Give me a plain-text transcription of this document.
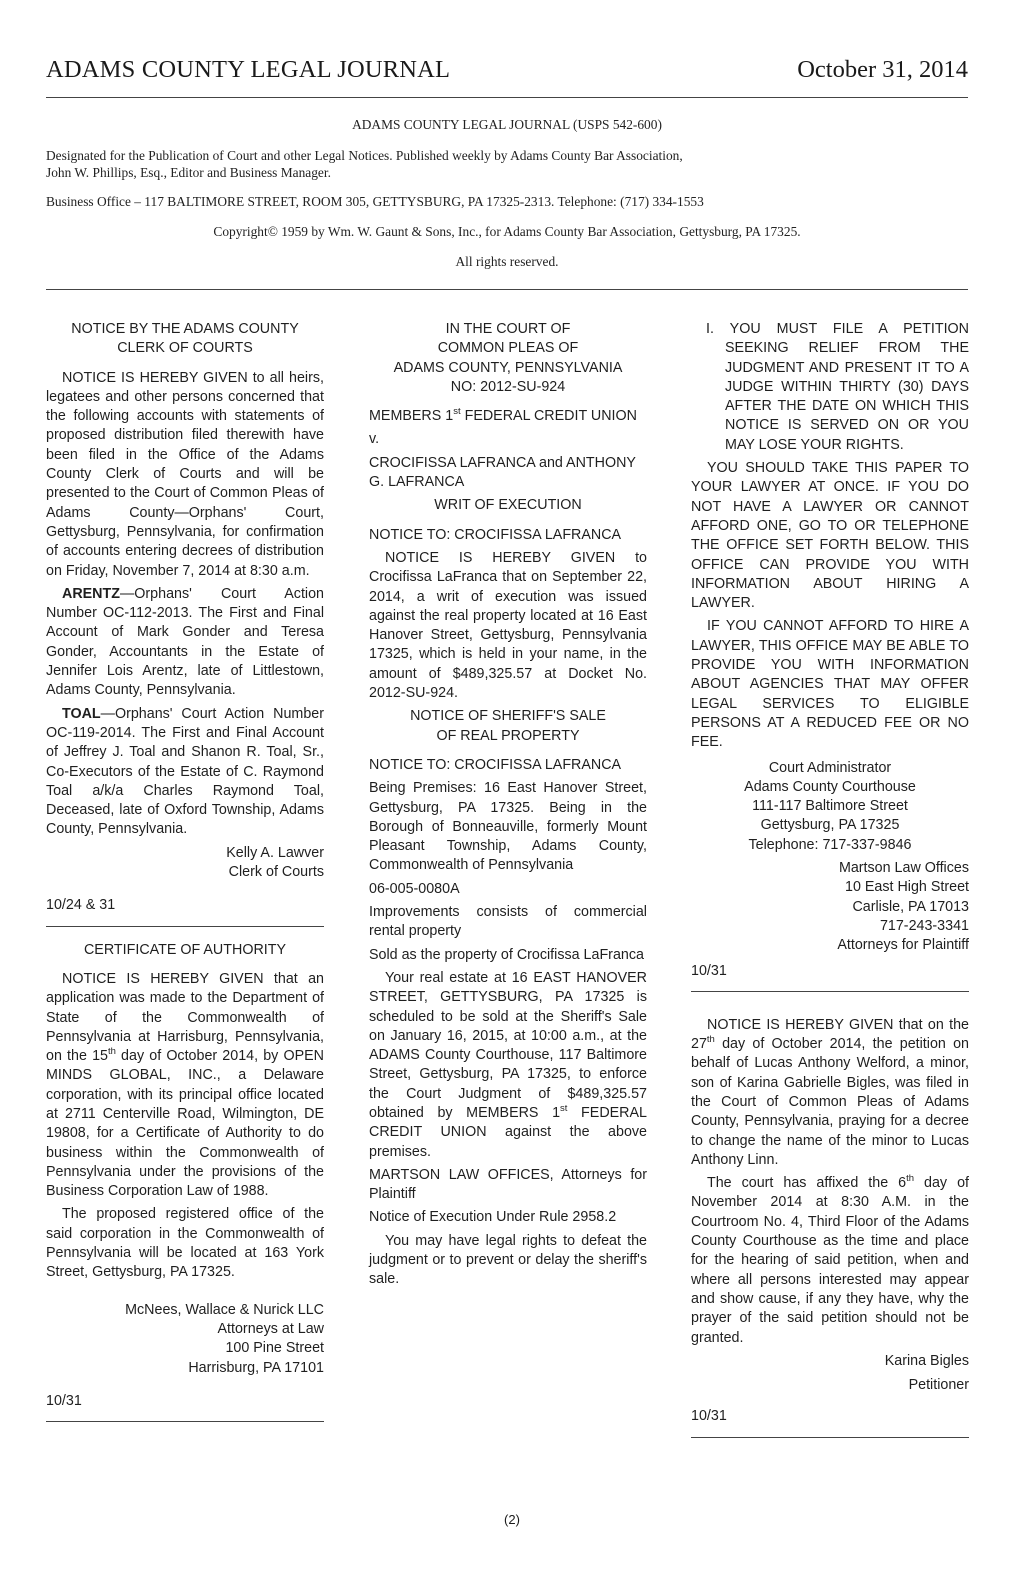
ADAMS COUNTY LEGAL JOURNAL	October 31, 2014

ADAMS COUNTY LEGAL JOURNAL (USPS 542-600)

Designated for the Publication of Court and other Legal Notices. Published weekly by Adams County Bar Association,

John W. Phillips, Esq., Editor and Business Manager.

Business Office – 117 BALTIMORE STREET, ROOM 305, GETTYSBURG, PA 17325-2313. Telephone: (717) 334-1553

Copyright© 1959 by Wm. W. Gaunt & Sons, Inc., for Adams County Bar Association, Gettysburg, PA 17325.

All rights reserved.

NOTICE BY THE ADAMS COUNTY

CLERK OF COURTS

NOTICE IS HEREBY GIVEN to all heirs, legatees and other persons concerned that the following accounts with statements of proposed distribution filed therewith have been filed in the Office of the Adams County Clerk of Courts and will be presented to the Court of Common Pleas of Adams County—Orphans' Court, Gettysburg, Pennsylvania, for confirmation of accounts entering decrees of distribution on Friday, November 7, 2014 at 8:30 a.m.

ARENTZ—Orphans' Court Action Number OC-112-2013. The First and Final Account of Mark Gonder and Teresa Gonder, Accountants in the Estate of Jennifer Lois Arentz, late of Littlestown, Adams County, Pennsylvania.

TOAL—Orphans' Court Action Number OC-119-2014. The First and Final Account of Jeffrey J. Toal and Shanon R. Toal, Sr., Co-Executors of the Estate of C. Raymond Toal a/k/a Charles Raymond Toal, Deceased, late of Oxford Township, Adams County, Pennsylvania.

Kelly A. Lawver

Clerk of Courts

10/24 & 31

CERTIFICATE OF AUTHORITY

NOTICE IS HEREBY GIVEN that an application was made to the Department of State of the Commonwealth of Pennsylvania at Harrisburg, Pennsylvania, on the 15th day of October 2014, by OPEN MINDS GLOBAL, INC., a Delaware corporation, with its principal office located at 2711 Centerville Road, Wilmington, DE 19808, for a Certificate of Authority to do business within the Commonwealth of Pennsylvania under the provisions of the Business Corporation Law of 1988.

The proposed registered office of the said corporation in the Commonwealth of Pennsylvania will be located at 163 York Street, Gettysburg, PA 17325.

McNees, Wallace & Nurick LLC

Attorneys at Law

100 Pine Street

Harrisburg, PA 17101

10/31

IN THE COURT OF

COMMON PLEAS OF

ADAMS COUNTY, PENNSYLVANIA

NO: 2012-SU-924

MEMBERS 1st FEDERAL CREDIT UNION

v.

CROCIFISSA LAFRANCA and ANTHONY G. LAFRANCA

WRIT OF EXECUTION

NOTICE TO: CROCIFISSA LAFRANCA

NOTICE IS HEREBY GIVEN to Crocifissa LaFranca that on September 22, 2014, a writ of execution was issued against the real property located at 16 East Hanover Street, Gettysburg, Pennsylvania 17325, which is held in your name, in the amount of $489,325.57 at Docket No. 2012-SU-924.

NOTICE OF SHERIFF'S SALE

OF REAL PROPERTY

NOTICE TO: CROCIFISSA LAFRANCA

Being Premises: 16 East Hanover Street, Gettysburg, PA 17325. Being in the Borough of Bonneauville, formerly Mount Pleasant Township, Adams County, Commonwealth of Pennsylvania

06-005-0080A

Improvements consists of commercial rental property

Sold as the property of Crocifissa LaFranca

Your real estate at 16 EAST HANOVER STREET, GETTYSBURG, PA 17325 is scheduled to be sold at the Sheriff's Sale on January 16, 2015, at 10:00 a.m., at the ADAMS County Courthouse, 117 Baltimore Street, Gettysburg, PA 17325, to enforce the Court Judgment of $489,325.57 obtained by MEMBERS 1st FEDERAL CREDIT UNION against the above premises.

MARTSON LAW OFFICES, Attorneys for Plaintiff

Notice of Execution Under Rule 2958.2

You may have legal rights to defeat the judgment or to prevent or delay the sheriff's sale.

I. YOU MUST FILE A PETITION SEEKING RELIEF FROM THE JUDGMENT AND PRESENT IT TO A JUDGE WITHIN THIRTY (30) DAYS AFTER THE DATE ON WHICH THIS NOTICE IS SERVED ON OR YOU MAY LOSE YOUR RIGHTS.

YOU SHOULD TAKE THIS PAPER TO YOUR LAWYER AT ONCE. IF YOU DO NOT HAVE A LAWYER OR CANNOT AFFORD ONE, GO TO OR TELEPHONE THE OFFICE SET FORTH BELOW. THIS OFFICE CAN PROVIDE YOU WITH INFORMATION ABOUT HIRING A LAWYER.

IF YOU CANNOT AFFORD TO HIRE A LAWYER, THIS OFFICE MAY BE ABLE TO PROVIDE YOU WITH INFORMATION ABOUT AGENCIES THAT MAY OFFER LEGAL SERVICES TO ELIGIBLE PERSONS AT A REDUCED FEE OR NO FEE.

Court Administrator

Adams County Courthouse

111-117 Baltimore Street

Gettysburg, PA 17325

Telephone: 717-337-9846

Martson Law Offices

10 East High Street

Carlisle, PA 17013

717-243-3341

Attorneys for Plaintiff

10/31

NOTICE IS HEREBY GIVEN that on the 27th day of October 2014, the petition on behalf of Lucas Anthony Welford, a minor, son of Karina Gabrielle Bigles, was filed in the Court of Common Pleas of Adams County, Pennsylvania, praying for a decree to change the name of the minor to Lucas Anthony Linn.

The court has affixed the 6th day of November 2014 at 8:30 A.M. in the Courtroom No. 4, Third Floor of the Adams County Courthouse as the time and place for the hearing of said petition, when and where all persons interested may appear and show cause, if any they have, why the prayer of the said petition should not be granted.

Karina Bigles

Petitioner

10/31

(2)
